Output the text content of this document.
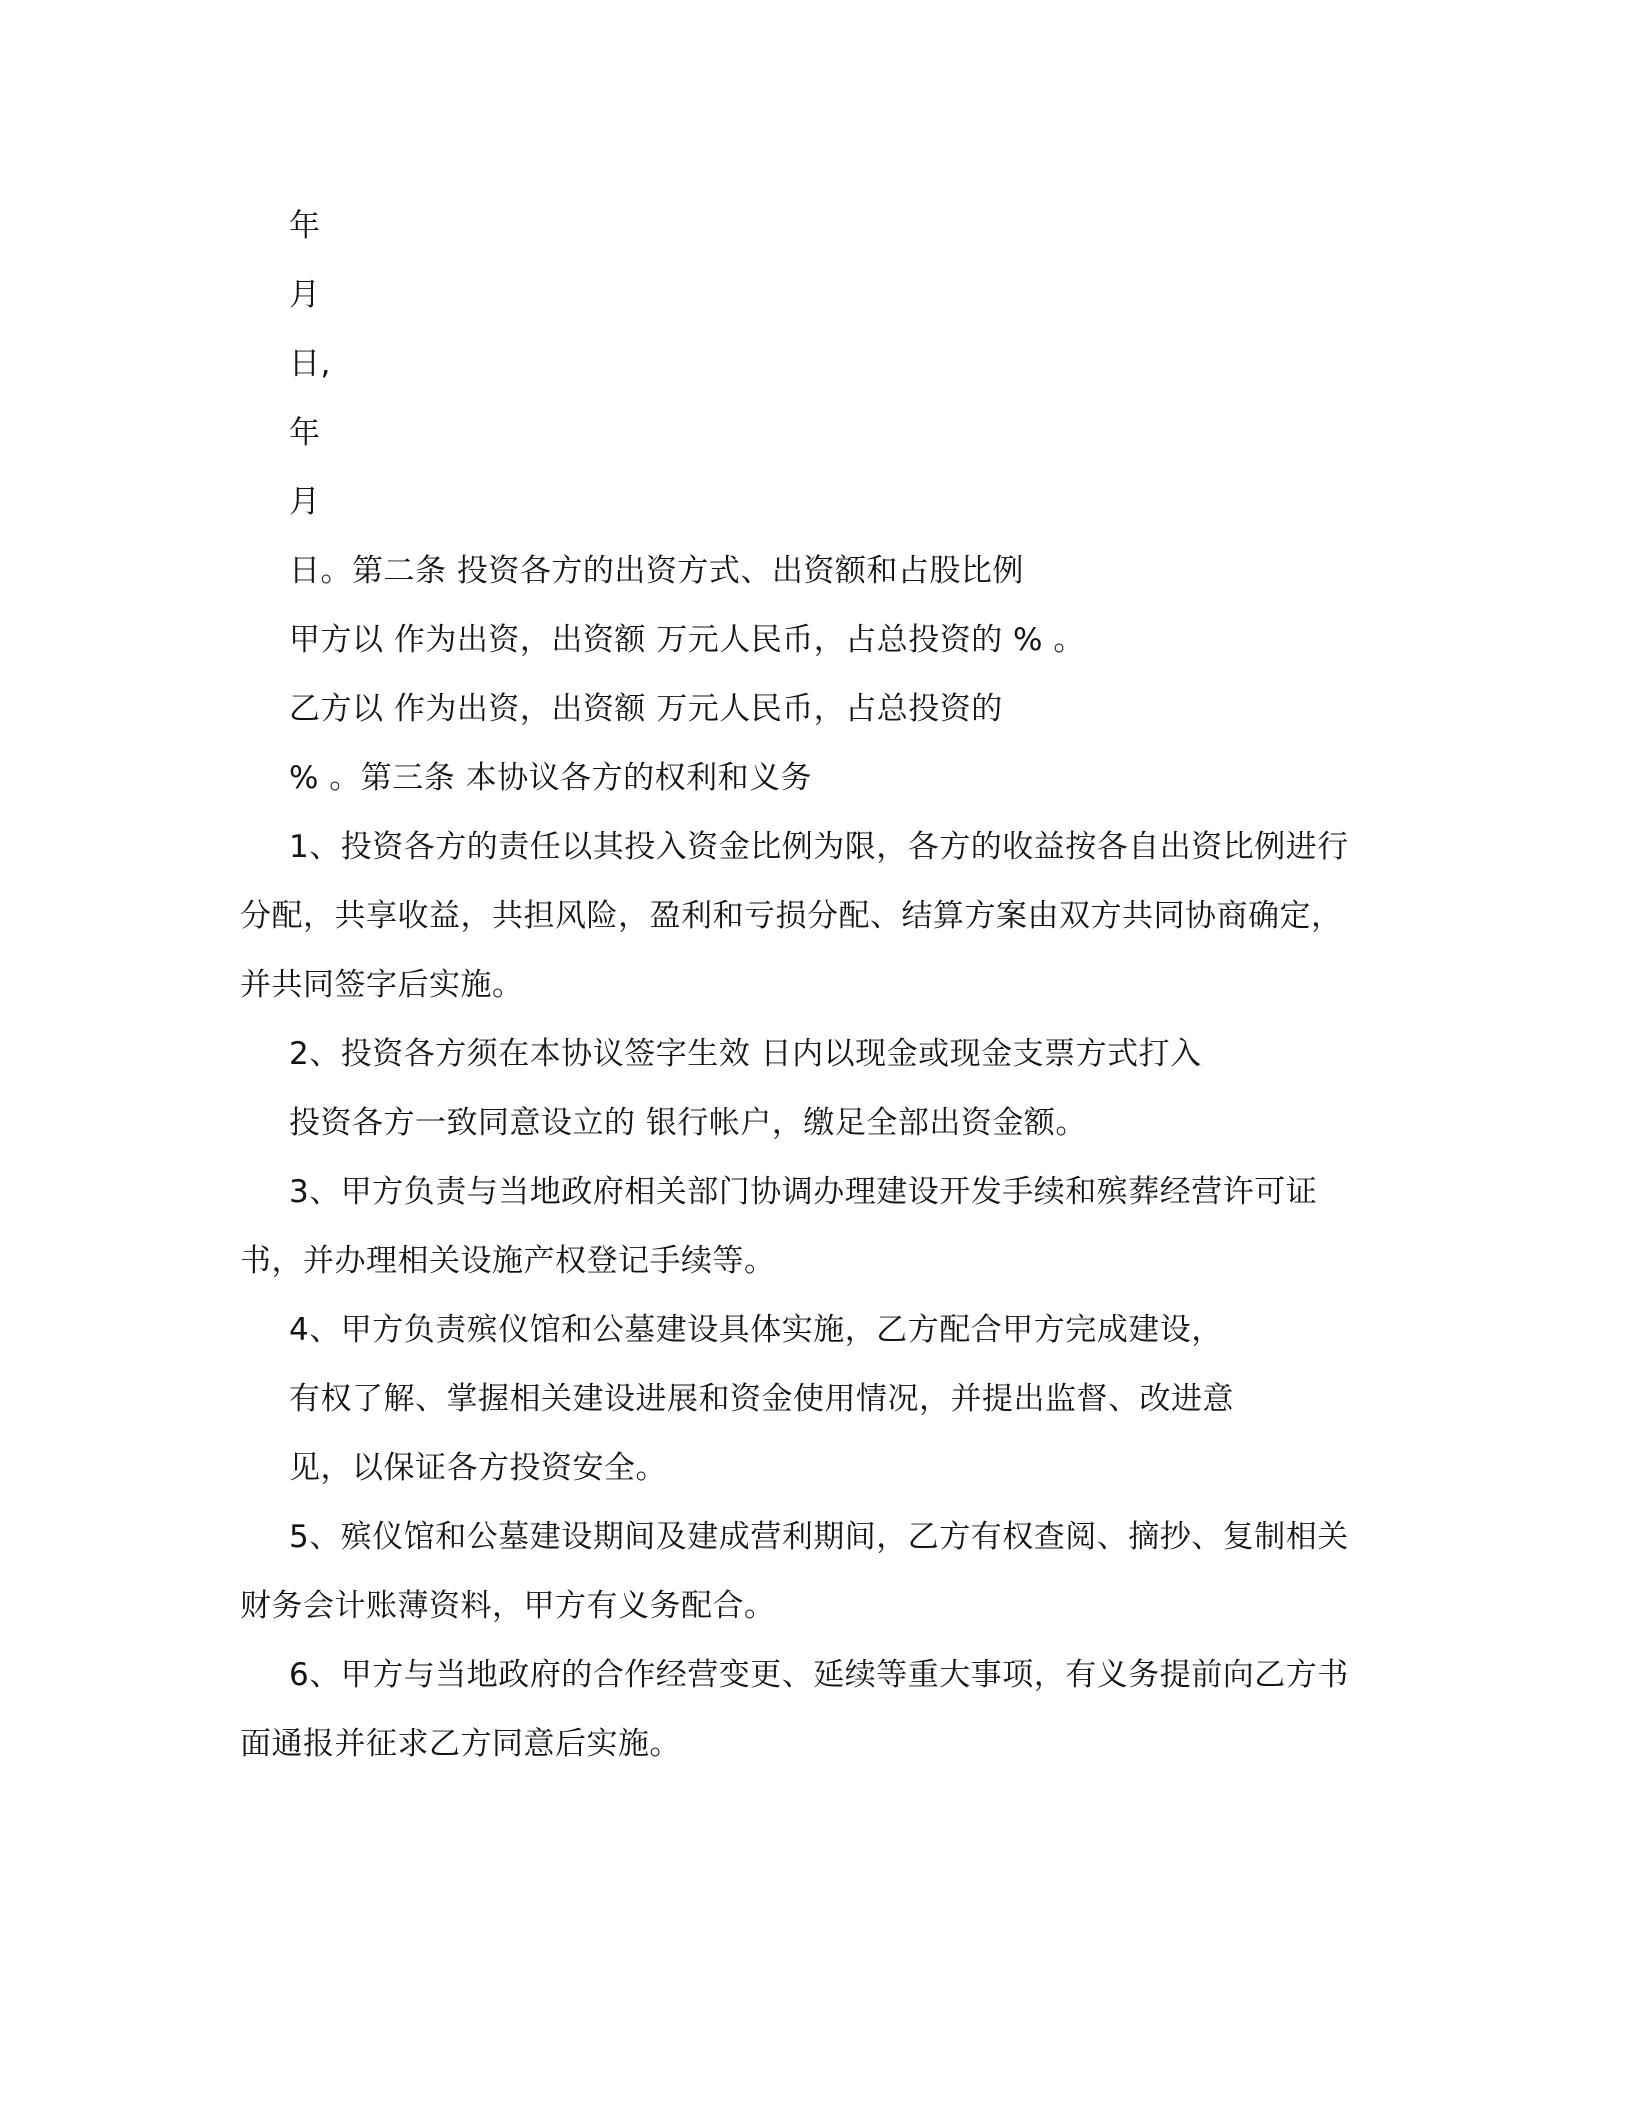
年
月
日,
年
月
日。第二条 投资各方的出资方式、出资额和占股比例
甲方以 作为出资，出资额 万元人民币，占总投资的 % 。
乙方以 作为出资，出资额 万元人民币，占总投资的
% 。第三条 本协议各方的权利和义务
1、投资各方的责任以其投入资金比例为限，各方的收益按各自出资比例进行
分配，共享收益，共担风险，盈利和亏损分配、结算方案由双方共同协商确定，
并共同签字后实施。
2、投资各方须在本协议签字生效 日内以现金或现金支票方式打入
投资各方一致同意设立的 银行帐户，缴足全部出资金额。
3、甲方负责与当地政府相关部门协调办理建设开发手续和殡葬经营许可证
书，并办理相关设施产权登记手续等。
4、甲方负责殡仪馆和公墓建设具体实施，乙方配合甲方完成建设，
有权了解、掌握相关建设进展和资金使用情况，并提出监督、改进意
见，以保证各方投资安全。
5、殡仪馆和公墓建设期间及建成营利期间，乙方有权查阅、摘抄、复制相关
财务会计账薄资料，甲方有义务配合。
6、甲方与当地政府的合作经营变更、延续等重大事项，有义务提前向乙方书
面通报并征求乙方同意后实施。
